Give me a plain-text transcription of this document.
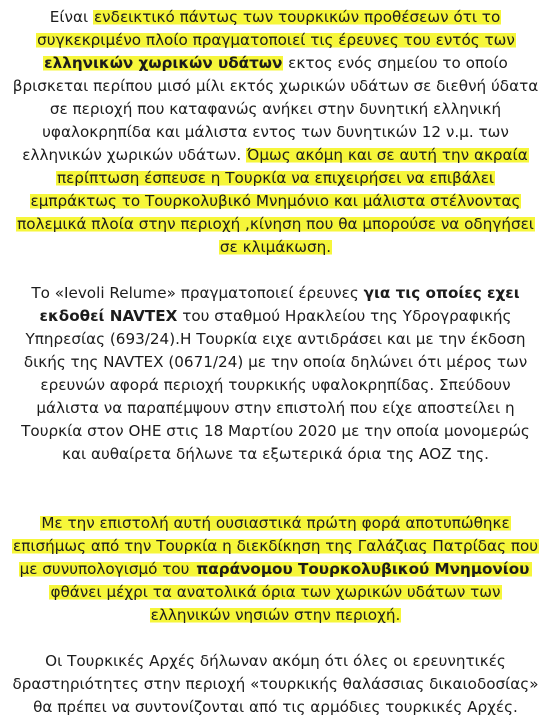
Είναι ενδεικτικό πάντως των τουρκικών προθέσεων ότι το συγκεκριμένο πλοίο πραγματοποιεί τις έρευνες του εντός των ελληνικών χωρικών υδάτων εκτος ενός σημείου το οποίο βρισκεται περίπου μισό μίλι εκτός χωρικών υδάτων σε διεθνή ύδατα σε περιοχή που καταφανώς ανήκει στην δυνητική ελληνική υφαλοκρηπίδα και μάλιστα εντος των δυνητικών 12 ν.μ. των ελληνικών χωρικών υδάτων. Όμως ακόμη και σε αυτή την ακραία περίπτωση έσπευσε η Τουρκία να επιχειρήσει να επιβάλει εμπράκτως το Τουρκολυβικό Μνημόνιο και μάλιστα στέλνοντας πολεμικά πλοία στην περιοχή ,κίνηση που θα μπορούσε να οδηγήσει σε κλιμάκωση.

Το «Ievoli Relume» πραγματοποιεί έρευνες για τις οποίες εχει εκδοθεί NAVTEX του σταθμού Ηρακλείου της Υδρογραφικής Υπηρεσίας (693/24).Η Τουρκία ειχε αντιδράσει και με την έκδοση δικής της NAVTEX (0671/24) με την οποία δηλώνει ότι μέρος των ερευνών αφορά περιοχή τουρκικής υφαλοκρηπίδας. Σπεύδουν μάλιστα να παραπέμψουν στην επιστολή που είχε αποστείλει η Τουρκία στον ΟΗΕ στις 18 Μαρτίου 2020 με την οποία μονομερώς και αυθαίρετα δήλωνε τα εξωτερικά όρια της ΑΟΖ της.

Με την επιστολή αυτή ουσιαστικά πρώτη φορά αποτυπώθηκε επισήμως από την Τουρκία η διεκδίκηση της Γαλάζιας Πατρίδας που με συνυπολογισμό του παράνομου Τουρκολυβικού Μνημονίου φθάνει μέχρι τα ανατολικά όρια των χωρικών υδάτων των ελληνικών νησιών στην περιοχή.

Οι Τουρκικές Αρχές δήλωναν ακόμη ότι όλες οι ερευνητικές δραστηριότητες στην περιοχή «τουρκικής θαλάσσιας δικαιοδοσίας» θα πρέπει να συντονίζονται από τις αρμόδιες τουρκικές Αρχές.
